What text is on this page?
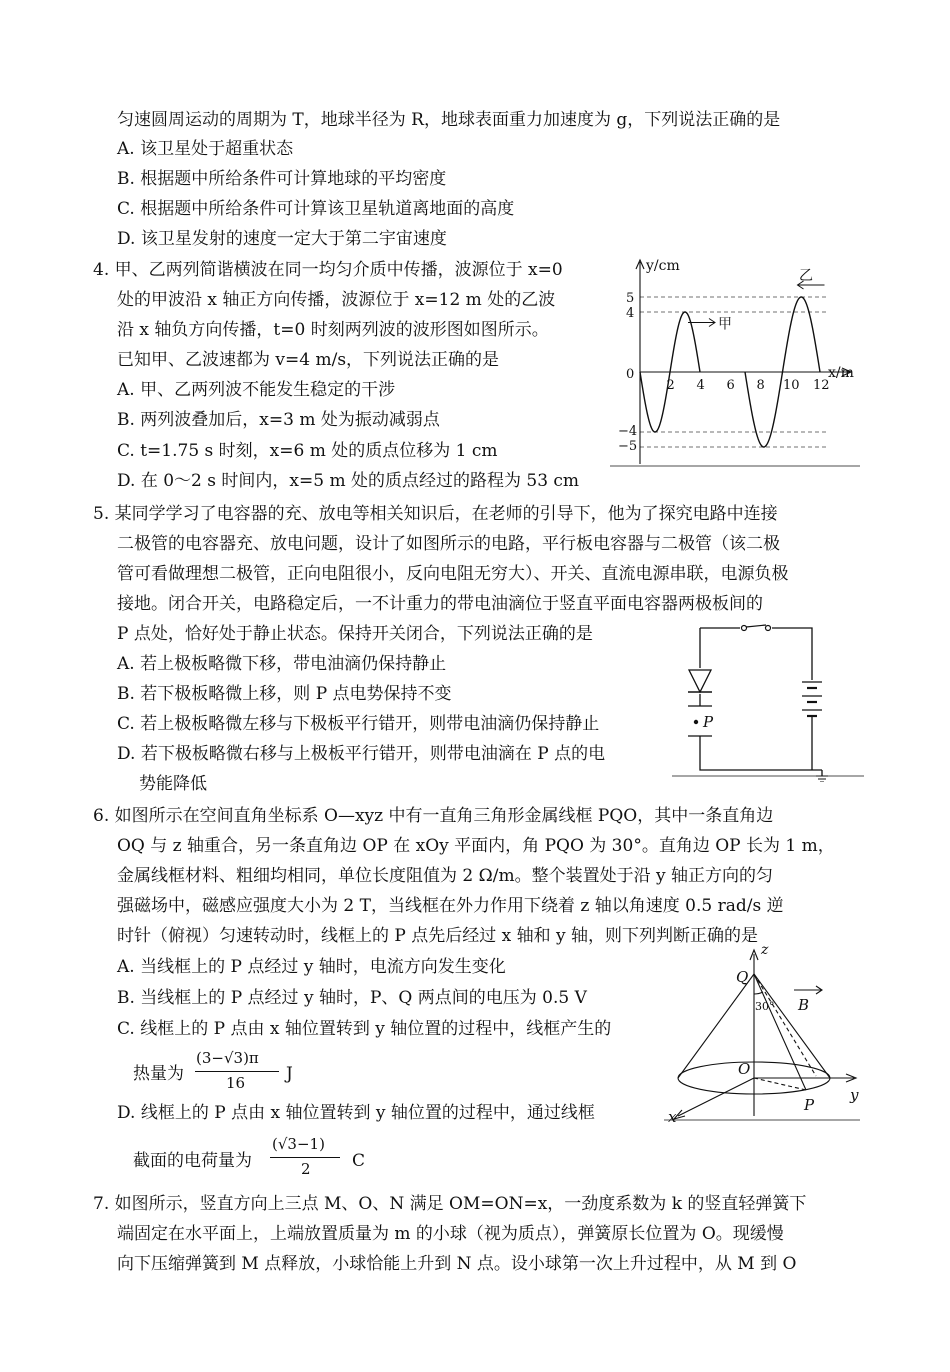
匀速圆周运动的周期为 T，地球半径为 R，地球表面重力加速度为 g，下列说法正确的是
A. 该卫星处于超重状态
B. 根据题中所给条件可计算地球的平均密度
C. 根据题中所给条件可计算该卫星轨道离地面的高度
D. 该卫星发射的速度一定大于第二宇宙速度
4. 甲、乙两列简谐横波在同一均匀介质中传播，波源位于 x=0
处的甲波沿 x 轴正方向传播，波源位于 x=12 m 处的乙波
沿 x 轴负方向传播，t=0 时刻两列波的波形图如图所示。
已知甲、乙波速都为 v=4 m/s，下列说法正确的是
A. 甲、乙两列波不能发生稳定的干涉
B. 两列波叠加后，x=3 m 处为振动减弱点
C. t=1.75 s 时刻，x=6 m 处的质点位移为 1 cm
D. 在 0～2 s 时间内，x=5 m 处的质点经过的路程为 53 cm
甲
乙
y/cm
x/m
5
4
0
−4
−5
2 4 6 8 10 12
5. 某同学学习了电容器的充、放电等相关知识后，在老师的引导下，他为了探究电路中连接
二极管的电容器充、放电问题，设计了如图所示的电路，平行板电容器与二极管（该二极
管可看做理想二极管，正向电阻很小，反向电阻无穷大）、开关、直流电源串联，电源负极
接地。闭合开关，电路稳定后，一不计重力的带电油滴位于竖直平面电容器两极板间的
P 点处，恰好处于静止状态。保持开关闭合，下列说法正确的是
A. 若上极板略微下移，带电油滴仍保持静止
B. 若下极板略微上移，则 P 点电势保持不变
C. 若上极板略微左移与下极板平行错开，则带电油滴仍保持静止
D. 若下极板略微右移与上极板平行错开，则带电油滴在 P 点的电
势能降低
P
6. 如图所示在空间直角坐标系 O—xyz 中有一直角三角形金属线框 PQO，其中一条直角边
OQ 与 z 轴重合，另一条直角边 OP 在 xOy 平面内，角 PQO 为 30°。直角边 OP 长为 1 m，
金属线框材料、粗细均相同，单位长度阻值为 2 Ω/m。整个装置处于沿 y 轴正方向的匀
强磁场中，磁感应强度大小为 2 T，当线框在外力作用下绕着 z 轴以角速度 0.5 rad/s 逆
时针（俯视）匀速转动时，线框上的 P 点先后经过 x 轴和 y 轴，则下列判断正确的是
A. 当线框上的 P 点经过 y 轴时，电流方向发生变化
B. 当线框上的 P 点经过 y 轴时，P、Q 两点间的电压为 0.5 V
C. 线框上的 P 点由 x 轴位置转到 y 轴位置的过程中，线框产生的
热量为
(3−√3)π
16 J
D. 线框上的 P 点由 x 轴位置转到 y 轴位置的过程中，通过线框
截面的电荷量为
(√3−1)
2 C
z
Q
B
30°
O
y
P
x
7. 如图所示，竖直方向上三点 M、O、N 满足 OM=ON=x，一劲度系数为 k 的竖直轻弹簧下
端固定在水平面上，上端放置质量为 m 的小球（视为质点），弹簧原长位置为 O。现缓慢
向下压缩弹簧到 M 点释放，小球恰能上升到 N 点。设小球第一次上升过程中，从 M 到 O
